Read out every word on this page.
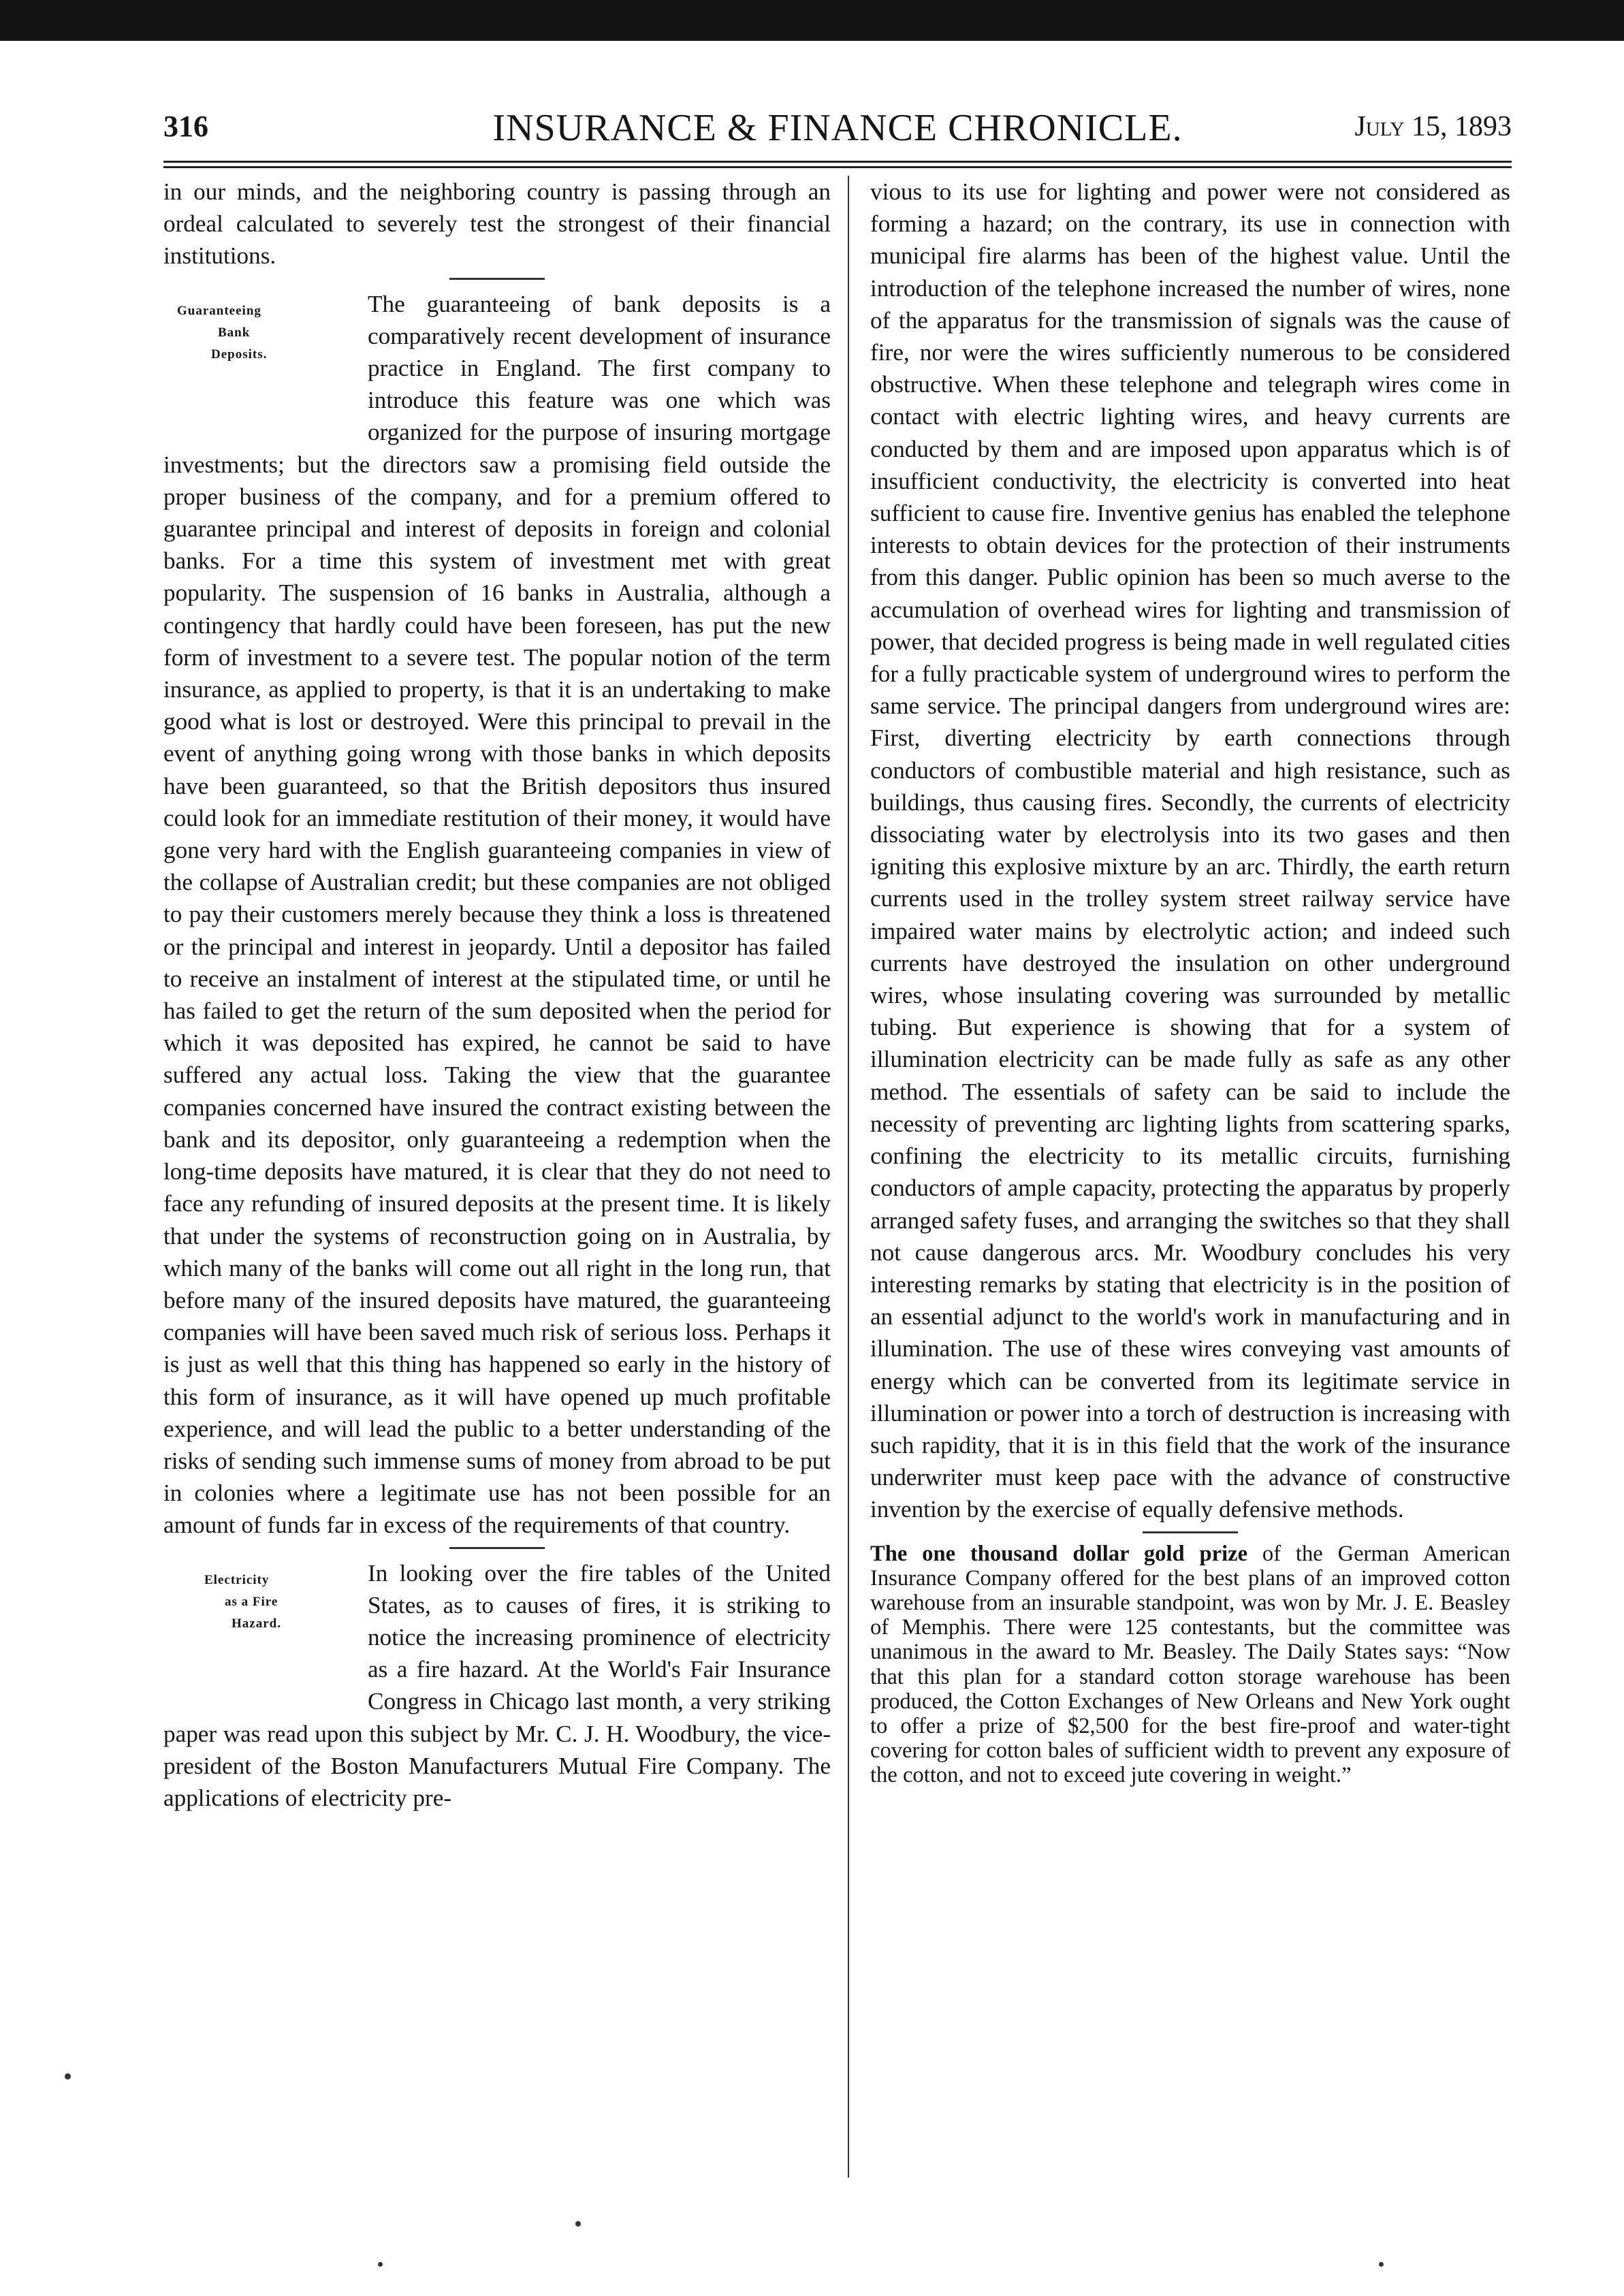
316	INSURANCE & FINANCE CHRONICLE.	July 15, 1893

in our minds, and the neighboring country is passing through an ordeal calculated to severely test the strongest of their financial institutions.

Guaranteeing
Bank
Deposits.

The guaranteeing of bank deposits is a comparatively recent development of insurance practice in England. The first company to introduce this feature was one which was organized for the purpose of insuring mortgage investments; but the directors saw a promising field outside the proper business of the company, and for a premium offered to guarantee principal and interest of deposits in foreign and colonial banks. For a time this system of investment met with great popularity. The suspension of 16 banks in Australia, although a contingency that hardly could have been foreseen, has put the new form of investment to a severe test. The popular notion of the term insurance, as applied to property, is that it is an undertaking to make good what is lost or destroyed. Were this principal to prevail in the event of anything going wrong with those banks in which deposits have been guaranteed, so that the British depositors thus insured could look for an immediate restitution of their money, it would have gone very hard with the English guaranteeing companies in view of the collapse of Australian credit; but these companies are not obliged to pay their customers merely because they think a loss is threatened or the principal and interest in jeopardy. Until a depositor has failed to receive an instalment of interest at the stipulated time, or until he has failed to get the return of the sum deposited when the period for which it was deposited has expired, he cannot be said to have suffered any actual loss. Taking the view that the guarantee companies concerned have insured the contract existing between the bank and its depositor, only guaranteeing a redemption when the long-time deposits have matured, it is clear that they do not need to face any refunding of insured deposits at the present time. It is likely that under the systems of reconstruction going on in Australia, by which many of the banks will come out all right in the long run, that before many of the insured deposits have matured, the guaranteeing companies will have been saved much risk of serious loss. Perhaps it is just as well that this thing has happened so early in the history of this form of insurance, as it will have opened up much profitable experience, and will lead the public to a better understanding of the risks of sending such immense sums of money from abroad to be put in colonies where a legitimate use has not been possible for an amount of funds far in excess of the requirements of that country.

Electricity
as a Fire
Hazard.

In looking over the fire tables of the United States, as to causes of fires, it is striking to notice the increasing prominence of electricity as a fire hazard. At the World's Fair Insurance Congress in Chicago last month, a very striking paper was read upon this subject by Mr. C. J. H. Woodbury, the vice-president of the Boston Manufacturers Mutual Fire Company. The applications of electricity pre-

vious to its use for lighting and power were not considered as forming a hazard; on the contrary, its use in connection with municipal fire alarms has been of the highest value. Until the introduction of the telephone increased the number of wires, none of the apparatus for the transmission of signals was the cause of fire, nor were the wires sufficiently numerous to be considered obstructive. When these telephone and telegraph wires come in contact with electric lighting wires, and heavy currents are conducted by them and are imposed upon apparatus which is of insufficient conductivity, the electricity is converted into heat sufficient to cause fire. Inventive genius has enabled the telephone interests to obtain devices for the protection of their instruments from this danger. Public opinion has been so much averse to the accumulation of overhead wires for lighting and transmission of power, that decided progress is being made in well regulated cities for a fully practicable system of underground wires to perform the same service. The principal dangers from underground wires are: First, diverting electricity by earth connections through conductors of combustible material and high resistance, such as buildings, thus causing fires. Secondly, the currents of electricity dissociating water by electrolysis into its two gases and then igniting this explosive mixture by an arc. Thirdly, the earth return currents used in the trolley system street railway service have impaired water mains by electrolytic action; and indeed such currents have destroyed the insulation on other underground wires, whose insulating covering was surrounded by metallic tubing. But experience is showing that for a system of illumination electricity can be made fully as safe as any other method. The essentials of safety can be said to include the necessity of preventing arc lighting lights from scattering sparks, confining the electricity to its metallic circuits, furnishing conductors of ample capacity, protecting the apparatus by properly arranged safety fuses, and arranging the switches so that they shall not cause dangerous arcs. Mr. Woodbury concludes his very interesting remarks by stating that electricity is in the position of an essential adjunct to the world's work in manufacturing and in illumination. The use of these wires conveying vast amounts of energy which can be converted from its legitimate service in illumination or power into a torch of destruction is increasing with such rapidity, that it is in this field that the work of the insurance underwriter must keep pace with the advance of constructive invention by the exercise of equally defensive methods.

The one thousand dollar gold prize of the German American Insurance Company offered for the best plans of an improved cotton warehouse from an insurable standpoint, was won by Mr. J. E. Beasley of Memphis. There were 125 contestants, but the committee was unanimous in the award to Mr. Beasley. The Daily States says: “Now that this plan for a standard cotton storage warehouse has been produced, the Cotton Exchanges of New Orleans and New York ought to offer a prize of $2,500 for the best fire-proof and water-tight covering for cotton bales of sufficient width to prevent any exposure of the cotton, and not to exceed jute covering in weight.”
